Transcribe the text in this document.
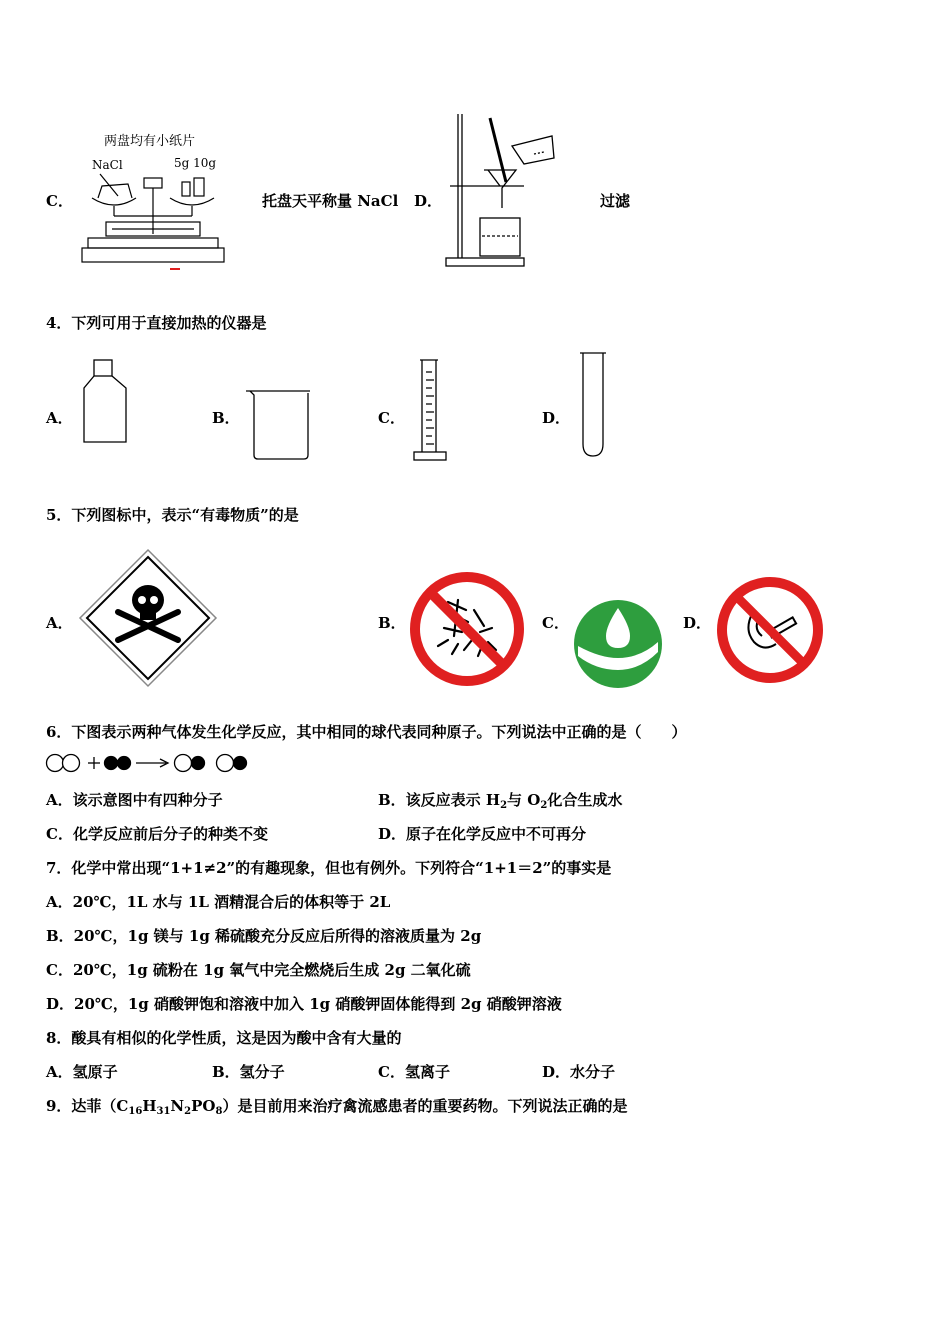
C．
两盘均有小纸片
NaCl	5g 10g
托盘天平称量 NaCl D．	过滤
4．下列可用于直接加热的仪器是
A．	B．	C．	D．
5．下列图标中，表示“有毒物质”的是
A．	B．	C．	D．
6．下图表示两种气体发生化学反应，其中相同的球代表同种原子。下列说法中正确的是（　　）
A．该示意图中有四种分子	B．该反应表示 $H_2$与 $O_2$化合生成水
C．化学反应前后分子的种类不变	D．原子在化学反应中不可再分
7．化学中常出现“1+1≠2”的有趣现象，但也有例外。下列符合“1+1＝2”的事实是
A．20℃，1L 水与 1L 酒精混合后的体积等于 2L
B．20℃，1g 镁与 1g 稀硫酸充分反应后所得的溶液质量为 2g
C．20℃，1g 硫粉在 1g 氧气中完全燃烧后生成 2g 二氧化硫
D．20℃，1g 硝酸钾饱和溶液中加入 1g 硝酸钾固体能得到 2g 硝酸钾溶液
8．酸具有相似的化学性质，这是因为酸中含有大量的
A．氢原子	B．氢分子	C．氢离子	D．水分子
9．达菲$(C_{16}H_{31}N_2PO_8)$是目前用来治疗禽流感患者的重要药物。下列说法正确的是
